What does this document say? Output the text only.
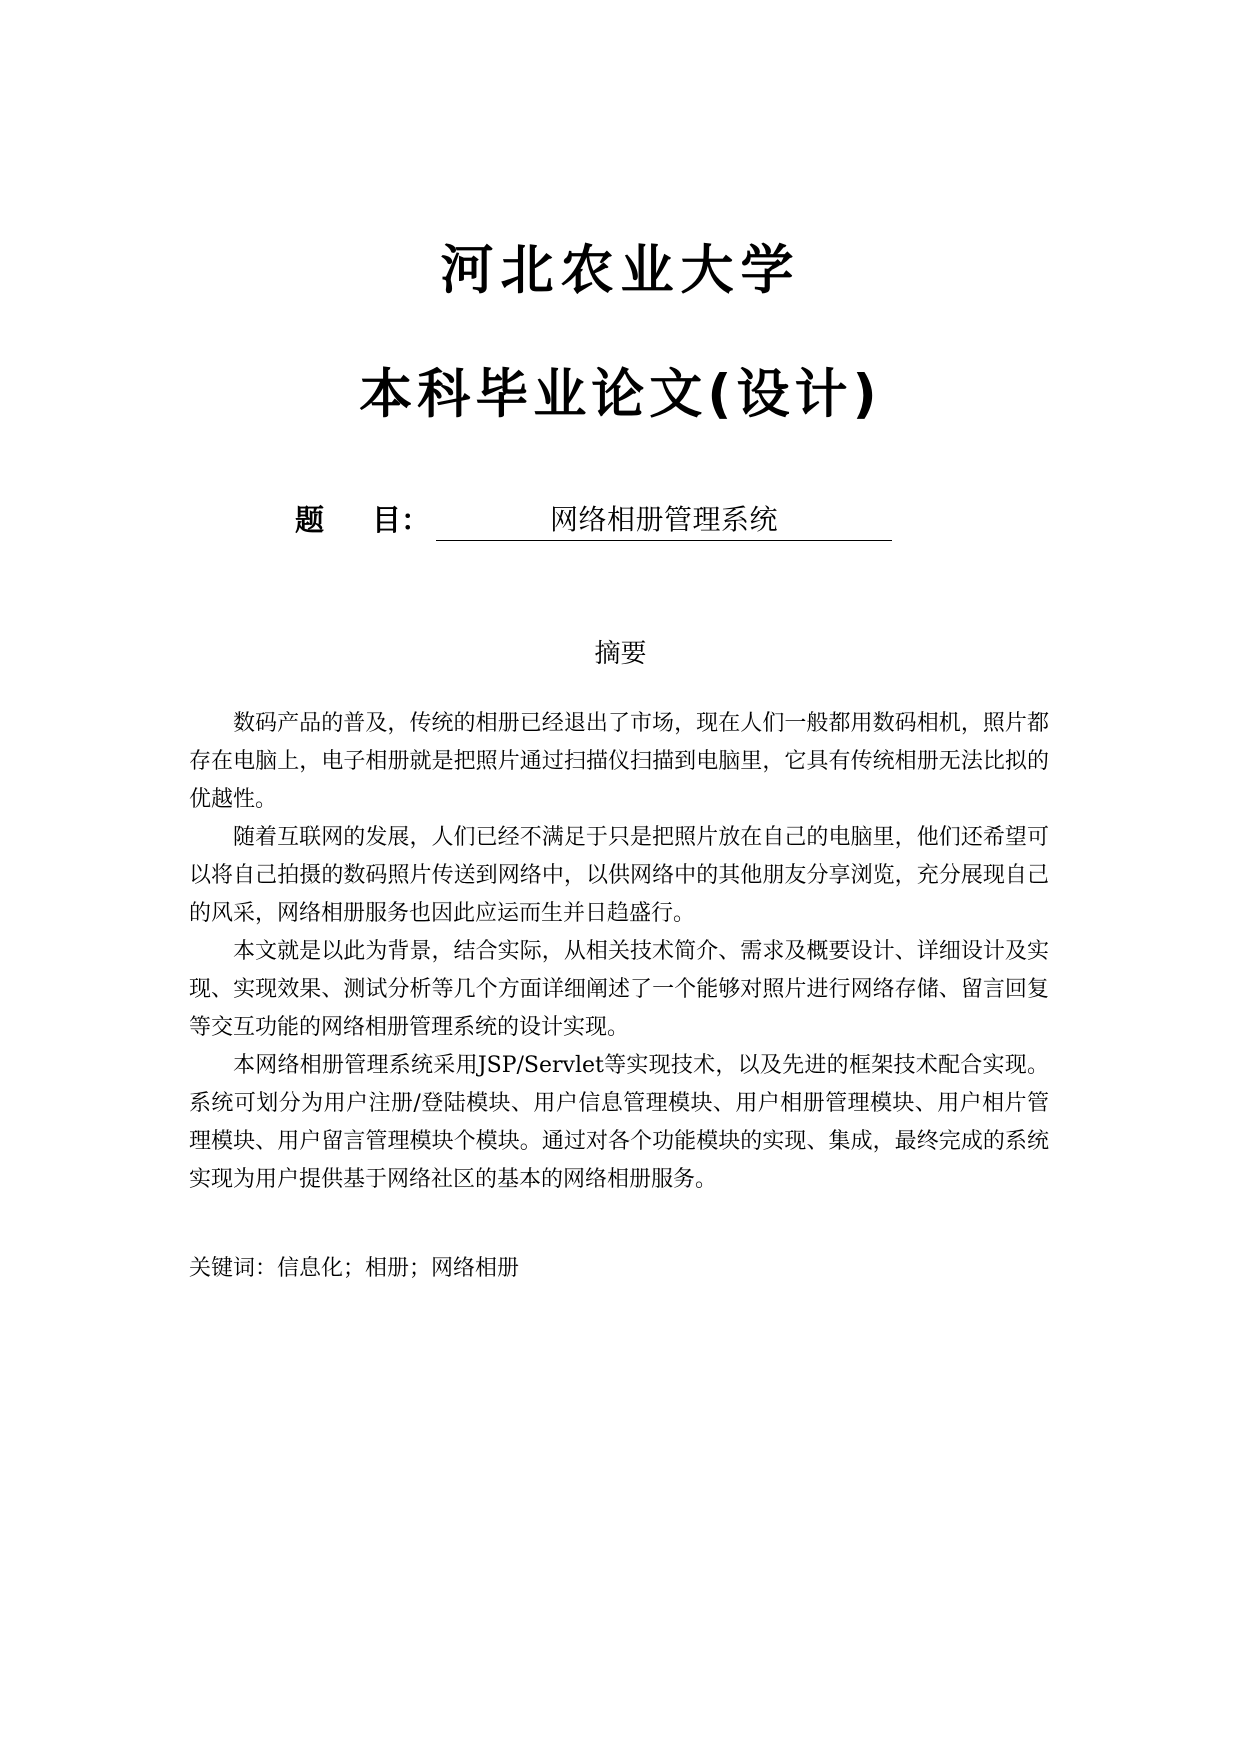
河北农业大学
本科毕业论文(设计)
题 目：	网络相册管理系统
摘要

数码产品的普及，传统的相册已经退出了市场，现在人们一般都用数码相机，照片都存在电脑上，电子相册就是把照片通过扫描仪扫描到电脑里，它具有传统相册无法比拟的优越性。

随着互联网的发展，人们已经不满足于只是把照片放在自己的电脑里，他们还希望可以将自己拍摄的数码照片传送到网络中，以供网络中的其他朋友分享浏览，充分展现自己的风采，网络相册服务也因此应运而生并日趋盛行。

本文就是以此为背景，结合实际，从相关技术简介、需求及概要设计、详细设计及实现、实现效果、测试分析等几个方面详细阐述了一个能够对照片进行网络存储、留言回复等交互功能的网络相册管理系统的设计实现。

本网络相册管理系统采用JSP/Servlet等实现技术，以及先进的框架技术配合实现。系统可划分为用户注册/登陆模块、用户信息管理模块、用户相册管理模块、用户相片管理模块、用户留言管理模块个模块。通过对各个功能模块的实现、集成，最终完成的系统实现为用户提供基于网络社区的基本的网络相册服务。

关键词：信息化；相册；网络相册
